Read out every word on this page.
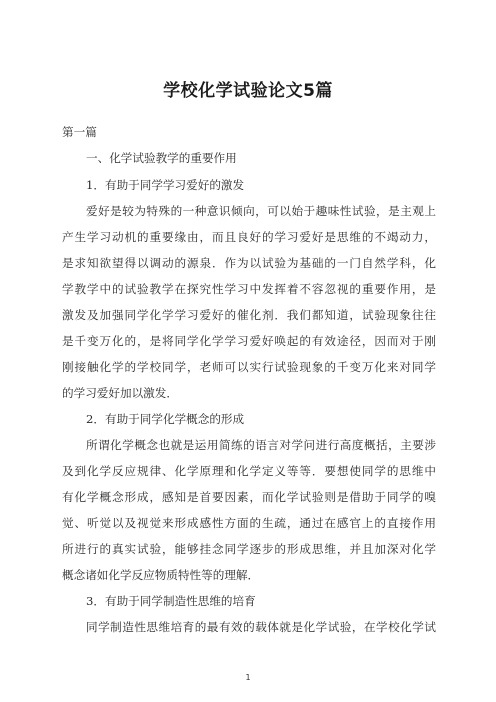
学校化学试验论文5篇
第一篇
一、化学试验教学的重要作用
1．有助于同学学习爱好的激发
爱好是较为特殊的一种意识倾向，可以始于趣味性试验，是主观上
产生学习动机的重要缘由，而且良好的学习爱好是思维的不竭动力，
是求知欲望得以调动的源泉．作为以试验为基础的一门自然学科，化
学教学中的试验教学在探究性学习中发挥着不容忽视的重要作用，是
激发及加强同学化学学习爱好的催化剂．我们都知道，试验现象往往
是千变万化的，是将同学化学学习爱好唤起的有效途径，因而对于刚
刚接触化学的学校同学，老师可以实行试验现象的千变万化来对同学
的学习爱好加以激发．
2．有助于同学化学概念的形成
所谓化学概念也就是运用简练的语言对学问进行高度概括，主要涉
及到化学反应规律、化学原理和化学定义等等．要想使同学的思维中
有化学概念形成，感知是首要因素，而化学试验则是借助于同学的嗅
觉、听觉以及视觉来形成感性方面的生疏，通过在感官上的直接作用
所进行的真实试验，能够挂念同学逐步的形成思维，并且加深对化学
概念诸如化学反应物质特性等的理解．
3．有助于同学制造性思维的培育
同学制造性思维培育的最有效的载体就是化学试验，在学校化学试
1
